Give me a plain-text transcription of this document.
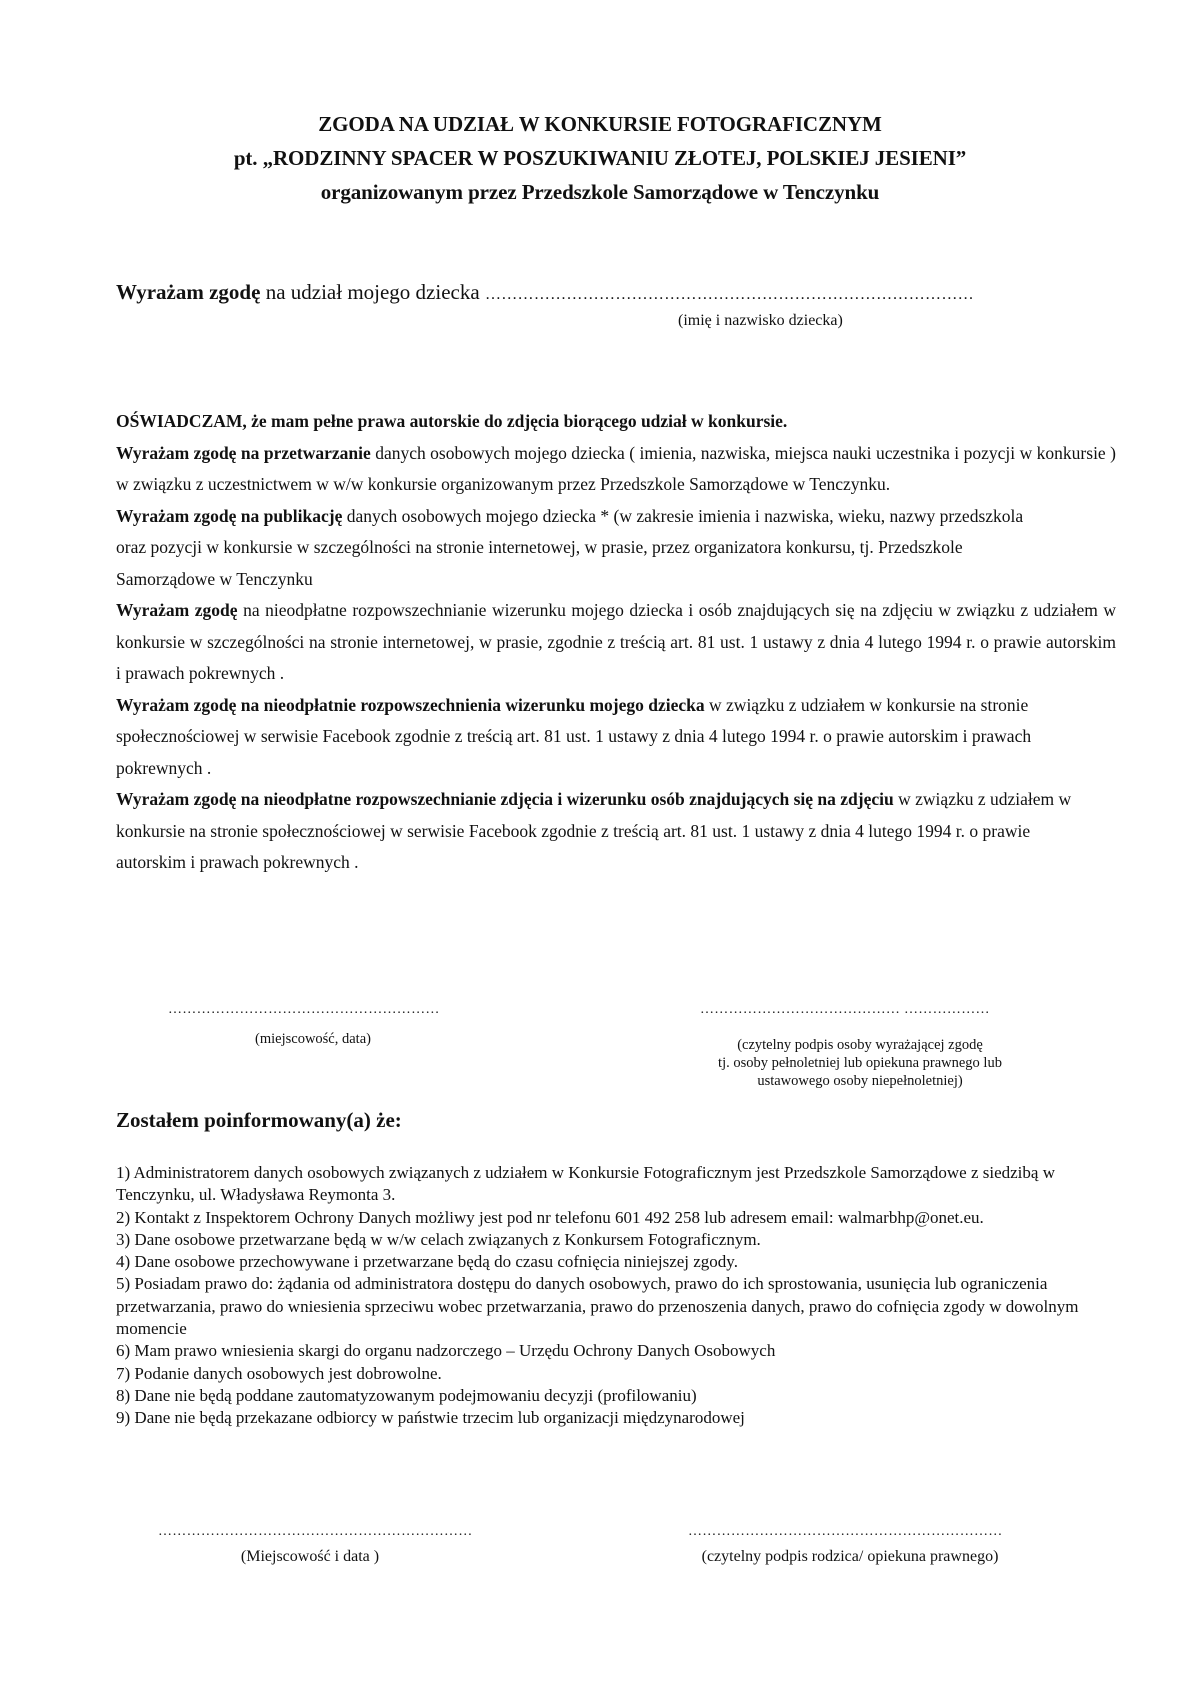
ZGODA NA UDZIAŁ W KONKURSIE FOTOGRAFICZNYM
pt. „RODZINNY SPACER W POSZUKIWANIU ZŁOTEJ, POLSKIEJ JESIENI”
organizowanym przez Przedszkole Samorządowe w Tenczynku
Wyrażam zgodę na udział mojego dziecka ………………………………………………………………………………
(imię i nazwisko dziecka)

OŚWIADCZAM, że mam pełne prawa autorskie do zdjęcia biorącego udział w konkursie.

Wyrażam zgodę na przetwarzanie danych osobowych mojego dziecka ( imienia, nazwiska, miejsca nauki uczestnika i pozycji w konkursie ) w związku z uczestnictwem w w/w konkursie organizowanym przez Przedszkole Samorządowe w Tenczynku.

Wyrażam zgodę na publikację danych osobowych mojego dziecka * (w zakresie imienia i nazwiska, wieku, nazwy przedszkola oraz pozycji w konkursie w szczególności na stronie internetowej, w prasie, przez organizatora konkursu, tj. Przedszkole Samorządowe w Tenczynku

Wyrażam zgodę na nieodpłatne rozpowszechnianie wizerunku mojego dziecka i osób znajdujących się na zdjęciu w związku z udziałem w konkursie w szczególności na stronie internetowej, w prasie, zgodnie z treścią art. 81 ust. 1 ustawy z dnia 4 lutego 1994 r. o prawie autorskim i prawach pokrewnych .

Wyrażam zgodę na nieodpłatnie rozpowszechnienia wizerunku mojego dziecka w związku z udziałem w konkursie na stronie społecznościowej w serwisie Facebook zgodnie z treścią art. 81 ust. 1 ustawy z dnia 4 lutego 1994 r. o prawie autorskim i prawach pokrewnych .

Wyrażam zgodę na nieodpłatne rozpowszechnianie zdjęcia i wizerunku osób znajdujących się na zdjęciu w związku z udziałem w konkursie na stronie społecznościowej w serwisie Facebook zgodnie z treścią art. 81 ust. 1 ustawy z dnia 4 lutego 1994 r. o prawie autorskim i prawach pokrewnych .

…………………………………………………
(miejscowość, data)
…………………………………… ………………
(czytelny podpis osoby wyrażającej zgodę
tj. osoby pełnoletniej lub opiekuna prawnego lub
ustawowego osoby niepełnoletniej)
Zostałem poinformowany(a) że:

1) Administratorem danych osobowych związanych z udziałem w Konkursie Fotograficznym jest Przedszkole Samorządowe z siedzibą w Tenczynku, ul. Władysława Reymonta 3.

2) Kontakt z Inspektorem Ochrony Danych możliwy jest pod nr telefonu 601 492 258 lub adresem email: walmarbhp@onet.eu.

3) Dane osobowe przetwarzane będą w w/w celach związanych z Konkursem Fotograficznym.

4) Dane osobowe przechowywane i przetwarzane będą do czasu cofnięcia niniejszej zgody.

5) Posiadam prawo do: żądania od administratora dostępu do danych osobowych, prawo do ich sprostowania, usunięcia lub ograniczenia przetwarzania, prawo do wniesienia sprzeciwu wobec przetwarzania, prawo do przenoszenia danych, prawo do cofnięcia zgody w dowolnym momencie

6) Mam prawo wniesienia skargi do organu nadzorczego – Urzędu Ochrony Danych Osobowych

7) Podanie danych osobowych jest dobrowolne.

8) Dane nie będą poddane zautomatyzowanym podejmowaniu decyzji (profilowaniu)

9) Dane nie będą przekazane odbiorcy w państwie trzecim lub organizacji międzynarodowej

…………………………………………………………
(Miejscowość i data )
…………………………………………………………
(czytelny podpis rodzica/ opiekuna prawnego)
